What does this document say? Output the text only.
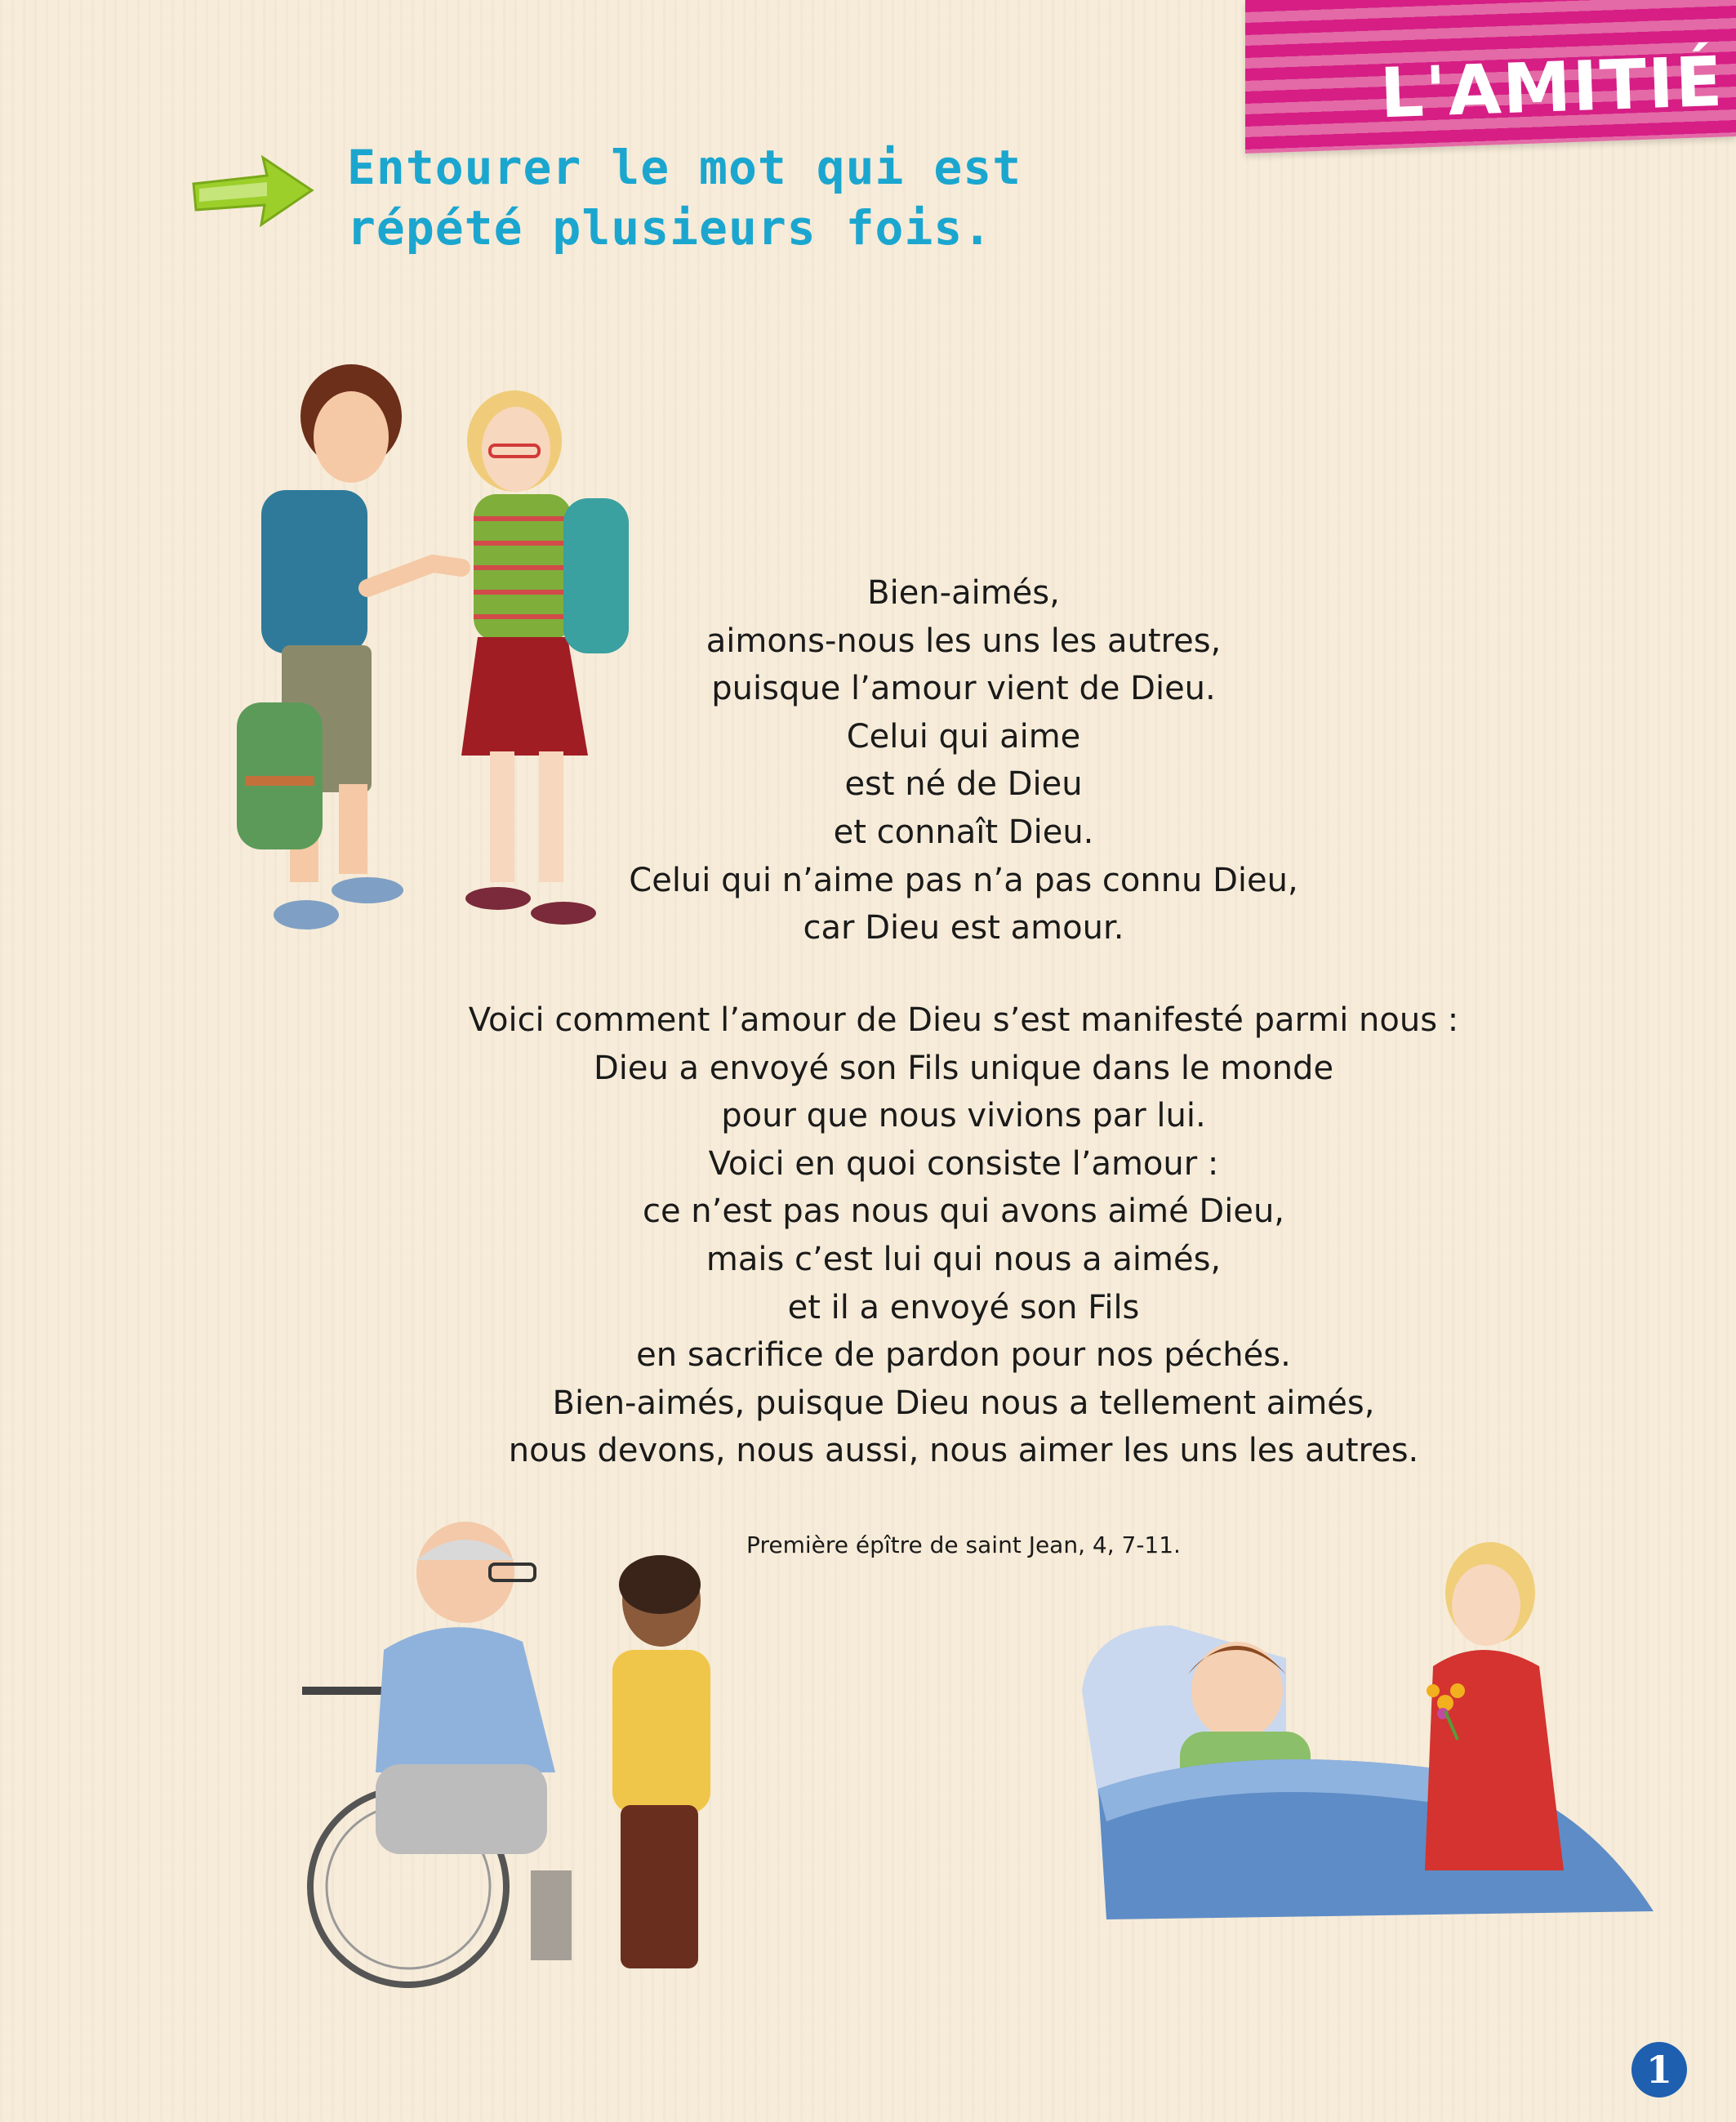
L'AMITIÉ
Entourer le mot qui est
répété plusieurs fois.
Bien-aimés,
aimons-nous les uns les autres,
puisque l’amour vient de Dieu.
Celui qui aime
est né de Dieu
et connaît Dieu.
Celui qui n’aime pas n’a pas connu Dieu,
car Dieu est amour.
Voici comment l’amour de Dieu s’est manifesté parmi nous :
Dieu a envoyé son Fils unique dans le monde
pour que nous vivions par lui.
Voici en quoi consiste l’amour :
ce n’est pas nous qui avons aimé Dieu,
mais c’est lui qui nous a aimés,
et il a envoyé son Fils
en sacrifice de pardon pour nos péchés.
Bien-aimés, puisque Dieu nous a tellement aimés,
nous devons, nous aussi, nous aimer les uns les autres.
Première épître de saint Jean, 4, 7-11.
1
